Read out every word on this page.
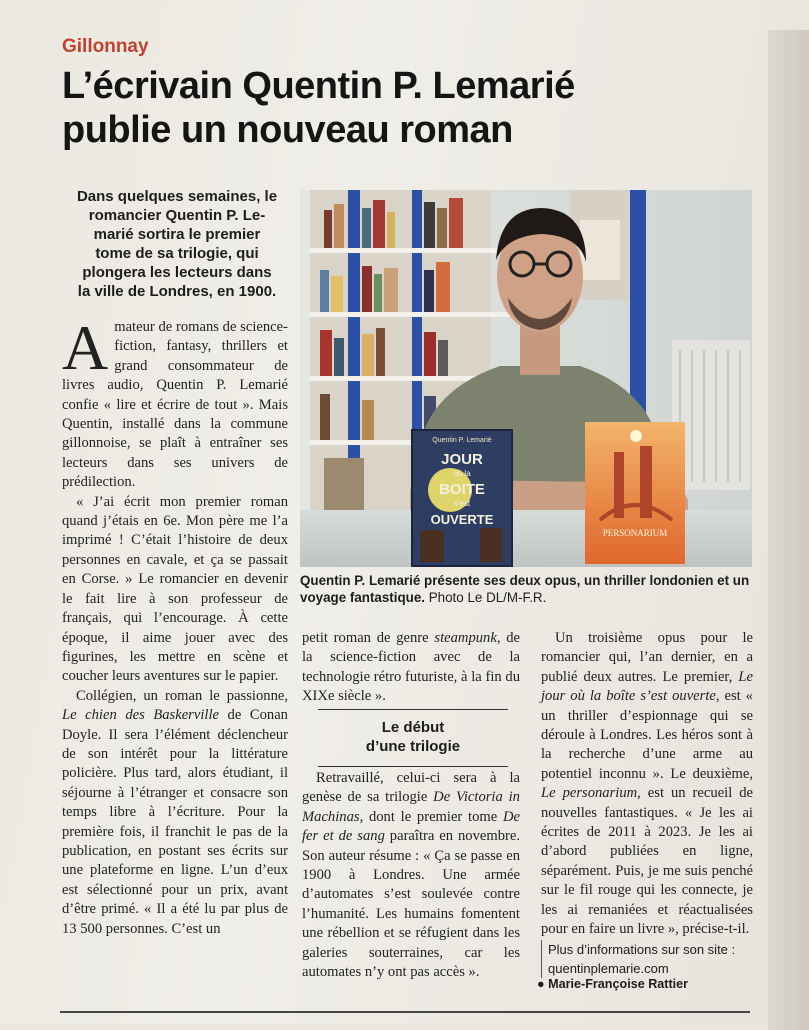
Gillonnay
L’écrivain Quentin P. Lemarié
publie un nouveau roman
Dans quelques semaines, le
romancier Quentin P. Le-
marié sortira le premier
tome de sa trilogie, qui
plongera les lecteurs dans
la ville de Londres, en 1900.

Amateur de romans de science-fiction, fantasy, thrillers et grand consommateur de livres audio, Quentin P. Lemarié confie « lire et écrire de tout ». Mais Quentin, installé dans la commune gillonnoise, se plaît à entraîner ses lecteurs dans ses univers de prédilection.

« J’ai écrit mon premier roman quand j’étais en 6e. Mon père me l’a imprimé ! C’était l’histoire de deux personnes en cavale, et ça se passait en Corse. » Le romancier en devenir le fait lire à son professeur de français, qui l’encourage. À cette époque, il aime jouer avec des figurines, les mettre en scène et coucher leurs aventures sur le papier.

Collégien, un roman le passionne, Le chien des Baskerville de Conan Doyle. Il sera l’élément déclencheur de son intérêt pour la littérature policière. Plus tard, alors étudiant, il séjourne à l’étranger et consacre son temps libre à l’écriture. Pour la première fois, il franchit le pas de la publication, en postant ses écrits sur une plateforme en ligne. L’un d’eux est sélectionné pour un prix, avant d’être primé. « Il a été lu par plus de 13 500 personnes. C’est un

Quentin P. Lemarié
JOUR
où la
BOITE
s'est
OUVERTE
PERSONARIUM
Quentin P. Lemarié présente ses deux opus, un thriller londonien et un voyage fantastique. Photo Le DL/M-F.R.

petit roman de genre steampunk, de la science-fiction avec de la technologie rétro futuriste, à la fin du XIXe siècle ».

Retravaillé, celui-ci sera à la genèse de sa trilogie De Victoria in Machinas, dont le premier tome De fer et de sang paraîtra en novembre. Son auteur résume : « Ça se passe en 1900 à Londres. Une armée d’automates s’est soulevée contre l’humanité. Les humains fomentent une rébellion et se réfugient dans les galeries souterraines, car les automates n’y ont pas accès ».

Le début
d’une trilogie

Un troisième opus pour le romancier qui, l’an dernier, en a publié deux autres. Le premier, Le jour où la boîte s’est ouverte, est « un thriller d’espionnage qui se déroule à Londres. Les héros sont à la recherche d’une arme au potentiel inconnu ». Le deuxième, Le personarium, est un recueil de nouvelles fantastiques. « Je les ai écrites de 2011 à 2023. Je les ai d’abord publiées en ligne, séparément. Puis, je me suis penché sur le fil rouge qui les connecte, je les ai remaniées et réactualisées pour en faire un livre », précise-t-il.

Plus d’informations sur son site :
quentinplemarie.com
● Marie-Françoise Rattier
